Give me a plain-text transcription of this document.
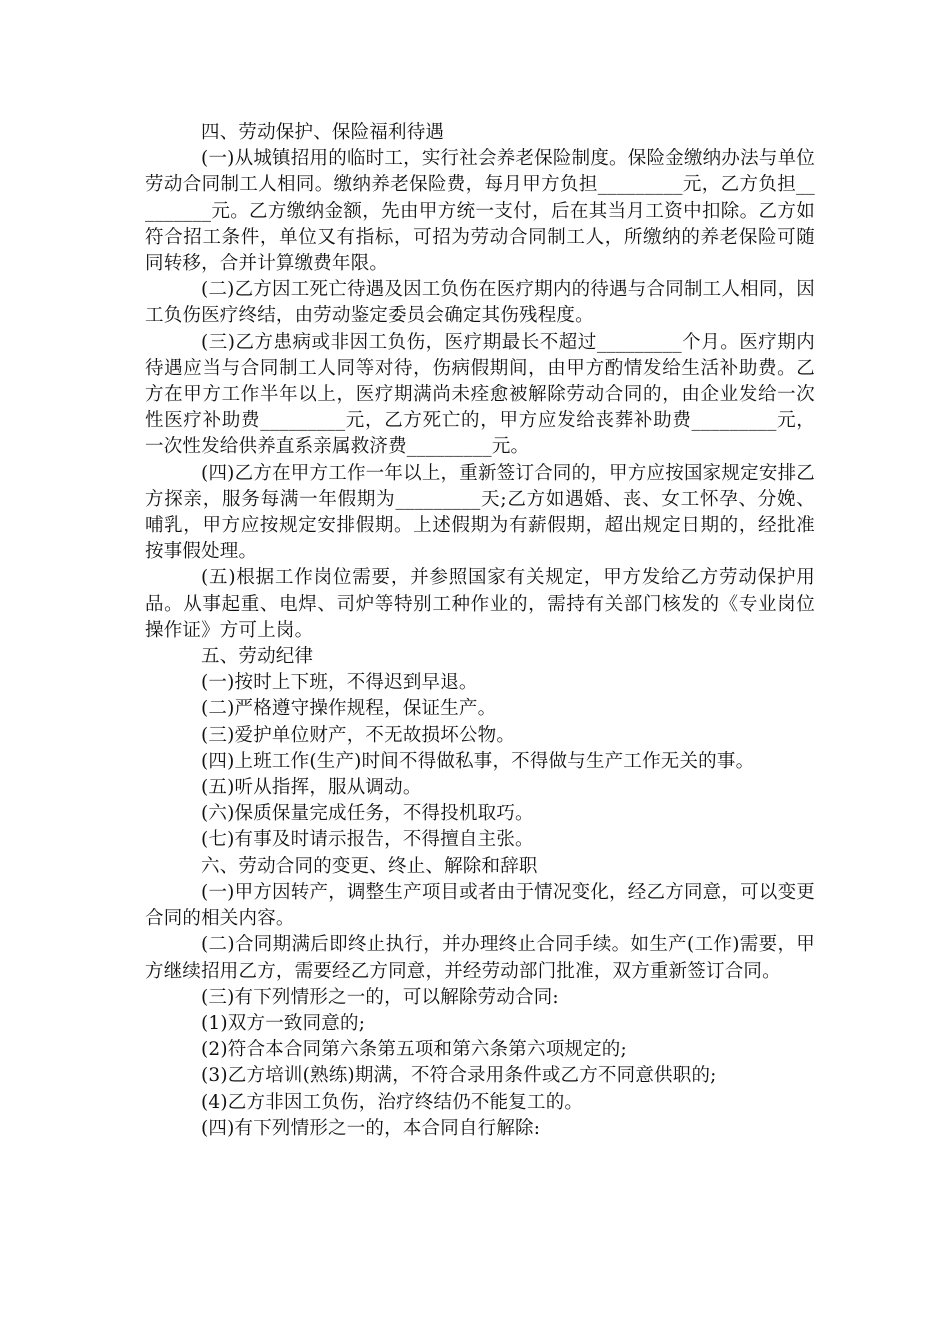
四、劳动保护、保险福利待遇

(一)从城镇招用的临时工，实行社会养老保险制度。保险金缴纳办法与单位劳动合同制工人相同。缴纳养老保险费，每月甲方负担_________元，乙方负担_________元。乙方缴纳金额，先由甲方统一支付，后在其当月工资中扣除。乙方如符合招工条件，单位又有指标，可招为劳动合同制工人，所缴纳的养老保险可随同转移，合并计算缴费年限。

(二)乙方因工死亡待遇及因工负伤在医疗期内的待遇与合同制工人相同，因工负伤医疗终结，由劳动鉴定委员会确定其伤残程度。

(三)乙方患病或非因工负伤，医疗期最长不超过_________个月。医疗期内待遇应当与合同制工人同等对待，伤病假期间，由甲方酌情发给生活补助费。乙方在甲方工作半年以上，医疗期满尚未痊愈被解除劳动合同的，由企业发给一次性医疗补助费_________元，乙方死亡的，甲方应发给丧葬补助费_________元，一次性发给供养直系亲属救济费_________元。

(四)乙方在甲方工作一年以上，重新签订合同的，甲方应按国家规定安排乙方探亲，服务每满一年假期为_________天;乙方如遇婚、丧、女工怀孕、分娩、哺乳，甲方应按规定安排假期。上述假期为有薪假期，超出规定日期的，经批准按事假处理。

(五)根据工作岗位需要，并参照国家有关规定，甲方发给乙方劳动保护用品。从事起重、电焊、司炉等特别工种作业的，需持有关部门核发的《专业岗位操作证》方可上岗。

五、劳动纪律

(一)按时上下班，不得迟到早退。

(二)严格遵守操作规程，保证生产。

(三)爱护单位财产，不无故损坏公物。

(四)上班工作(生产)时间不得做私事，不得做与生产工作无关的事。

(五)听从指挥，服从调动。

(六)保质保量完成任务，不得投机取巧。

(七)有事及时请示报告，不得擅自主张。

六、劳动合同的变更、终止、解除和辞职

(一)甲方因转产，调整生产项目或者由于情况变化，经乙方同意，可以变更合同的相关内容。

(二)合同期满后即终止执行，并办理终止合同手续。如生产(工作)需要，甲方继续招用乙方，需要经乙方同意，并经劳动部门批准，双方重新签订合同。

(三)有下列情形之一的，可以解除劳动合同:

(1)双方一致同意的;

(2)符合本合同第六条第五项和第六条第六项规定的;

(3)乙方培训(熟练)期满，不符合录用条件或乙方不同意供职的;

(4)乙方非因工负伤，治疗终结仍不能复工的。

(四)有下列情形之一的，本合同自行解除:
